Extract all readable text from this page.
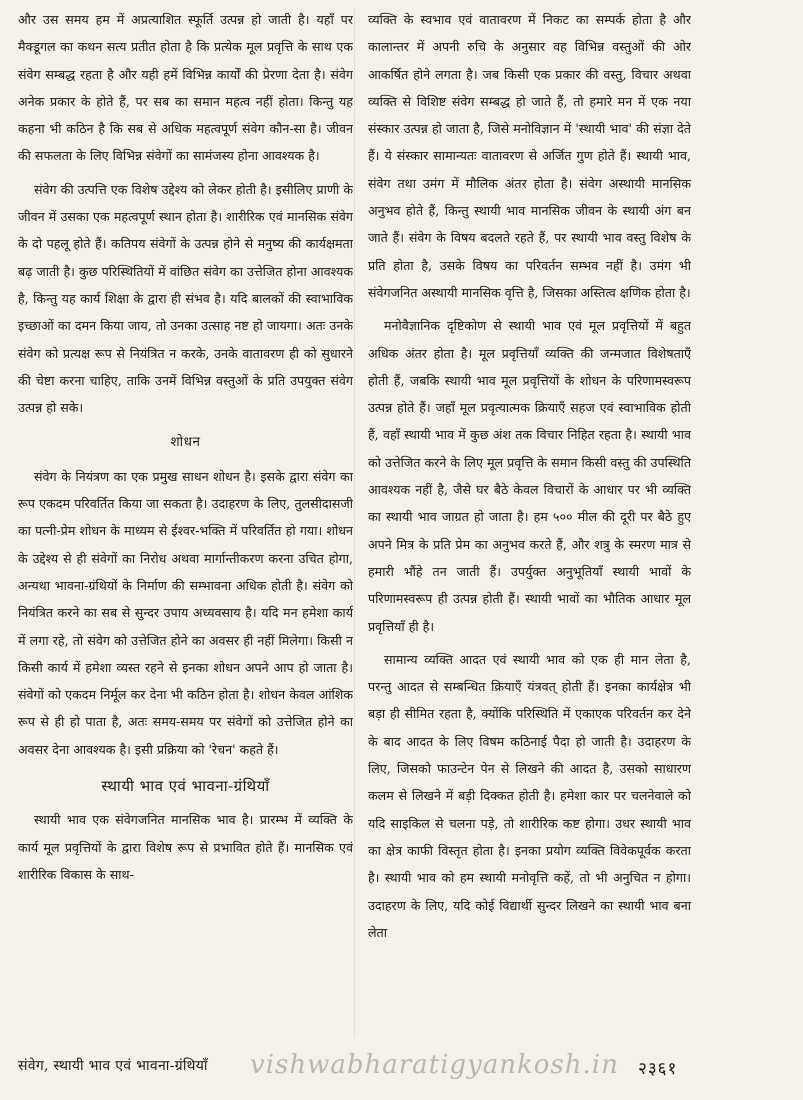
और उस समय हम में अप्रत्याशित स्फूर्ति उत्पन्न हो जाती है। यहाँ पर मैक्डूगल का कथन सत्य प्रतीत होता है कि प्रत्येक मूल प्रवृत्ति के साथ एक संवेग सम्बद्ध रहता है और यही हमें विभिन्न कार्यों की प्रेरणा देता है। संवेग अनेक प्रकार के होते हैं, पर सब का समान महत्व नहीं होता। किन्तु यह कहना भी कठिन है कि सब से अधिक महत्वपूर्ण संवेग कौन-सा है। जीवन की सफलता के लिए विभिन्न संवेगों का सामंजस्य होना आवश्यक है।

संवेग की उत्पत्ति एक विशेष उद्देश्य को लेकर होती है। इसीलिए प्राणी के जीवन में उसका एक महत्वपूर्ण स्थान होता है। शारीरिक एवं मानसिक संवेग के दो पहलू होते हैं। कतिपय संवेगों के उत्पन्न होने से मनुष्य की कार्यक्षमता बढ़ जाती है। कुछ परिस्थितियों में वांछित संवेग का उत्तेजित होना आवश्यक है, किन्तु यह कार्य शिक्षा के द्वारा ही संभव है। यदि बालकों की स्वाभाविक इच्छाओं का दमन किया जाय, तो उनका उत्साह नष्ट हो जायगा। अतः उनके संवेग को प्रत्यक्ष रूप से नियंत्रित न करके, उनके वातावरण ही को सुधारने की चेष्टा करना चाहिए, ताकि उनमें विभिन्न वस्तुओं के प्रति उपयुक्त संवेग उत्पन्न हो सके।

शोधन

संवेग के नियंत्रण का एक प्रमुख साधन शोधन है। इसके द्वारा संवेग का रूप एकदम परिवर्तित किया जा सकता है। उदाहरण के लिए, तुलसीदासजी का पत्नी-प्रेम शोधन के माध्यम से ईश्वर-भक्ति में परिवर्तित हो गया। शोधन के उद्देश्य से ही संवेगों का निरोध अथवा मार्गान्तीकरण करना उचित होगा, अन्यथा भावना-ग्रंथियों के निर्माण की सम्भावना अधिक होती है। संवेग को नियंत्रित करने का सब से सुन्दर उपाय अध्यवसाय है। यदि मन हमेशा कार्य में लगा रहे, तो संवेग को उत्तेजित होने का अवसर ही नहीं मिलेगा। किसी न किसी कार्य में हमेशा व्यस्त रहने से इनका शोधन अपने आप हो जाता है। संवेगों को एकदम निर्मूल कर देना भी कठिन होता है। शोधन केवल आंशिक रूप से ही हो पाता है, अतः समय-समय पर संवेगों को उत्तेजित होने का अवसर देना आवश्यक है। इसी प्रक्रिया को 'रेचन' कहते हैं।

स्थायी भाव एवं भावना-ग्रंथियाँ

स्थायी भाव एक संवेगजनित मानसिक भाव है। प्रारम्भ में व्यक्ति के कार्य मूल प्रवृत्तियों के द्वारा विशेष रूप से प्रभावित होते हैं। मानसिक एवं शारीरिक विकास के साथ-

व्यक्ति के स्वभाव एवं वातावरण में निकट का सम्पर्क होता है और कालान्तर में अपनी रुचि के अनुसार वह विभिन्न वस्तुओं की ओर आकर्षित होने लगता है। जब किसी एक प्रकार की वस्तु, विचार अथवा व्यक्ति से विशिष्ट संवेग सम्बद्ध हो जाते हैं, तो हमारे मन में एक नया संस्कार उत्पन्न हो जाता है, जिसे मनोविज्ञान में 'स्थायी भाव' की संज्ञा देते हैं। ये संस्कार सामान्यतः वातावरण से अर्जित गुण होते हैं। स्थायी भाव, संवेग तथा उमंग में मौलिक अंतर होता है। संवेग अस्थायी मानसिक अनुभव होते हैं, किन्तु स्थायी भाव मानसिक जीवन के स्थायी अंग बन जाते हैं। संवेग के विषय बदलते रहते हैं, पर स्थायी भाव वस्तु विशेष के प्रति होता है, उसके विषय का परिवर्तन सम्भव नहीं है। उमंग भी संवेगजनित अस्थायी मानसिक वृत्ति है, जिसका अस्तित्व क्षणिक होता है।

मनोवैज्ञानिक दृष्टिकोण से स्थायी भाव एवं मूल प्रवृत्तियों में बहुत अधिक अंतर होता है। मूल प्रवृत्तियाँ व्यक्ति की जन्मजात विशेषताएँ होती हैं, जबकि स्थायी भाव मूल प्रवृत्तियों के शोधन के परिणामस्वरूप उत्पन्न होते हैं। जहाँ मूल प्रवृत्यात्मक क्रियाएँ सहज एवं स्वाभाविक होती हैं, वहाँ स्थायी भाव में कुछ अंश तक विचार निहित रहता है। स्थायी भाव को उत्तेजित करने के लिए मूल प्रवृत्ति के समान किसी वस्तु की उपस्थिति आवश्यक नहीं है, जैसे घर बैठे केवल विचारों के आधार पर भी व्यक्ति का स्थायी भाव जाग्रत हो जाता है। हम ५०० मील की दूरी पर बैठे हुए अपने मित्र के प्रति प्रेम का अनुभव करते हैं, और शत्रु के स्मरण मात्र से हमारी भौंहे तन जाती हैं। उपर्युक्त अनुभूतियाँ स्थायी भावों के परिणामस्वरूप ही उत्पन्न होती हैं। स्थायी भावों का भौतिक आधार मूल प्रवृत्तियाँ ही है।

सामान्य व्यक्ति आदत एवं स्थायी भाव को एक ही मान लेता है, परन्तु आदत से सम्बन्धित क्रियाएँ यंत्रवत् होती हैं। इनका कार्यक्षेत्र भी बड़ा ही सीमित रहता है, क्योंकि परिस्थिति में एकाएक परिवर्तन कर देने के बाद आदत के लिए विषम कठिनाई पैदा हो जाती है। उदाहरण के लिए, जिसको फाउन्टेन पेन से लिखने की आदत है, उसको साधारण कलम से लिखने में बड़ी दिक्कत होती है। हमेशा कार पर चलनेवाले को यदि साइकिल से चलना पड़े, तो शारीरिक कष्ट होगा। उधर स्थायी भाव का क्षेत्र काफी विस्तृत होता है। इनका प्रयोग व्यक्ति विवेकपूर्वक करता है। स्थायी भाव को हम स्थायी मनोवृत्ति कहें, तो भी अनुचित न होगा। उदाहरण के लिए, यदि कोई विद्यार्थी सुन्दर लिखने का स्थायी भाव बना लेता

संवेग, स्थायी भाव एवं भावना-ग्रंथियाँ vishwabharatigyankosh.in २३६१
